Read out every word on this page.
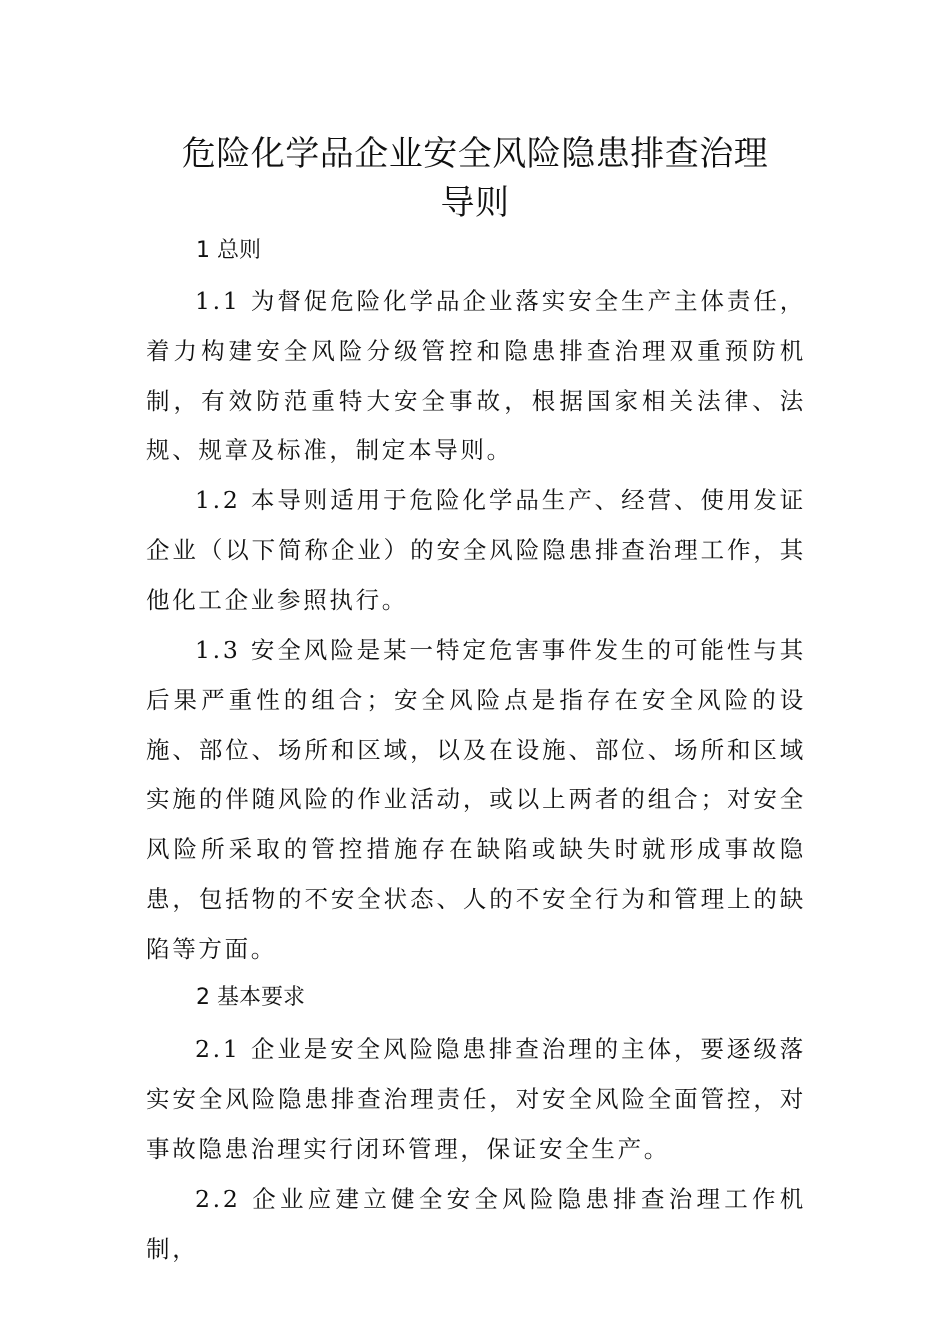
危险化学品企业安全风险隐患排查治理
导则
1 总则

1.1 为督促危险化学品企业落实安全生产主体责任，着力构建安全风险分级管控和隐患排查治理双重预防机制，有效防范重特大安全事故，根据国家相关法律、法规、规章及标准，制定本导则。

1.2 本导则适用于危险化学品生产、经营、使用发证企业（以下简称企业）的安全风险隐患排查治理工作，其他化工企业参照执行。

1.3 安全风险是某一特定危害事件发生的可能性与其后果严重性的组合；安全风险点是指存在安全风险的设施、部位、场所和区域，以及在设施、部位、场所和区域实施的伴随风险的作业活动，或以上两者的组合；对安全风险所采取的管控措施存在缺陷或缺失时就形成事故隐患，包括物的不安全状态、人的不安全行为和管理上的缺陷等方面。

2 基本要求

2.1 企业是安全风险隐患排查治理的主体，要逐级落实安全风险隐患排查治理责任，对安全风险全面管控，对事故隐患治理实行闭环管理，保证安全生产。

2.2 企业应建立健全安全风险隐患排查治理工作机制，
